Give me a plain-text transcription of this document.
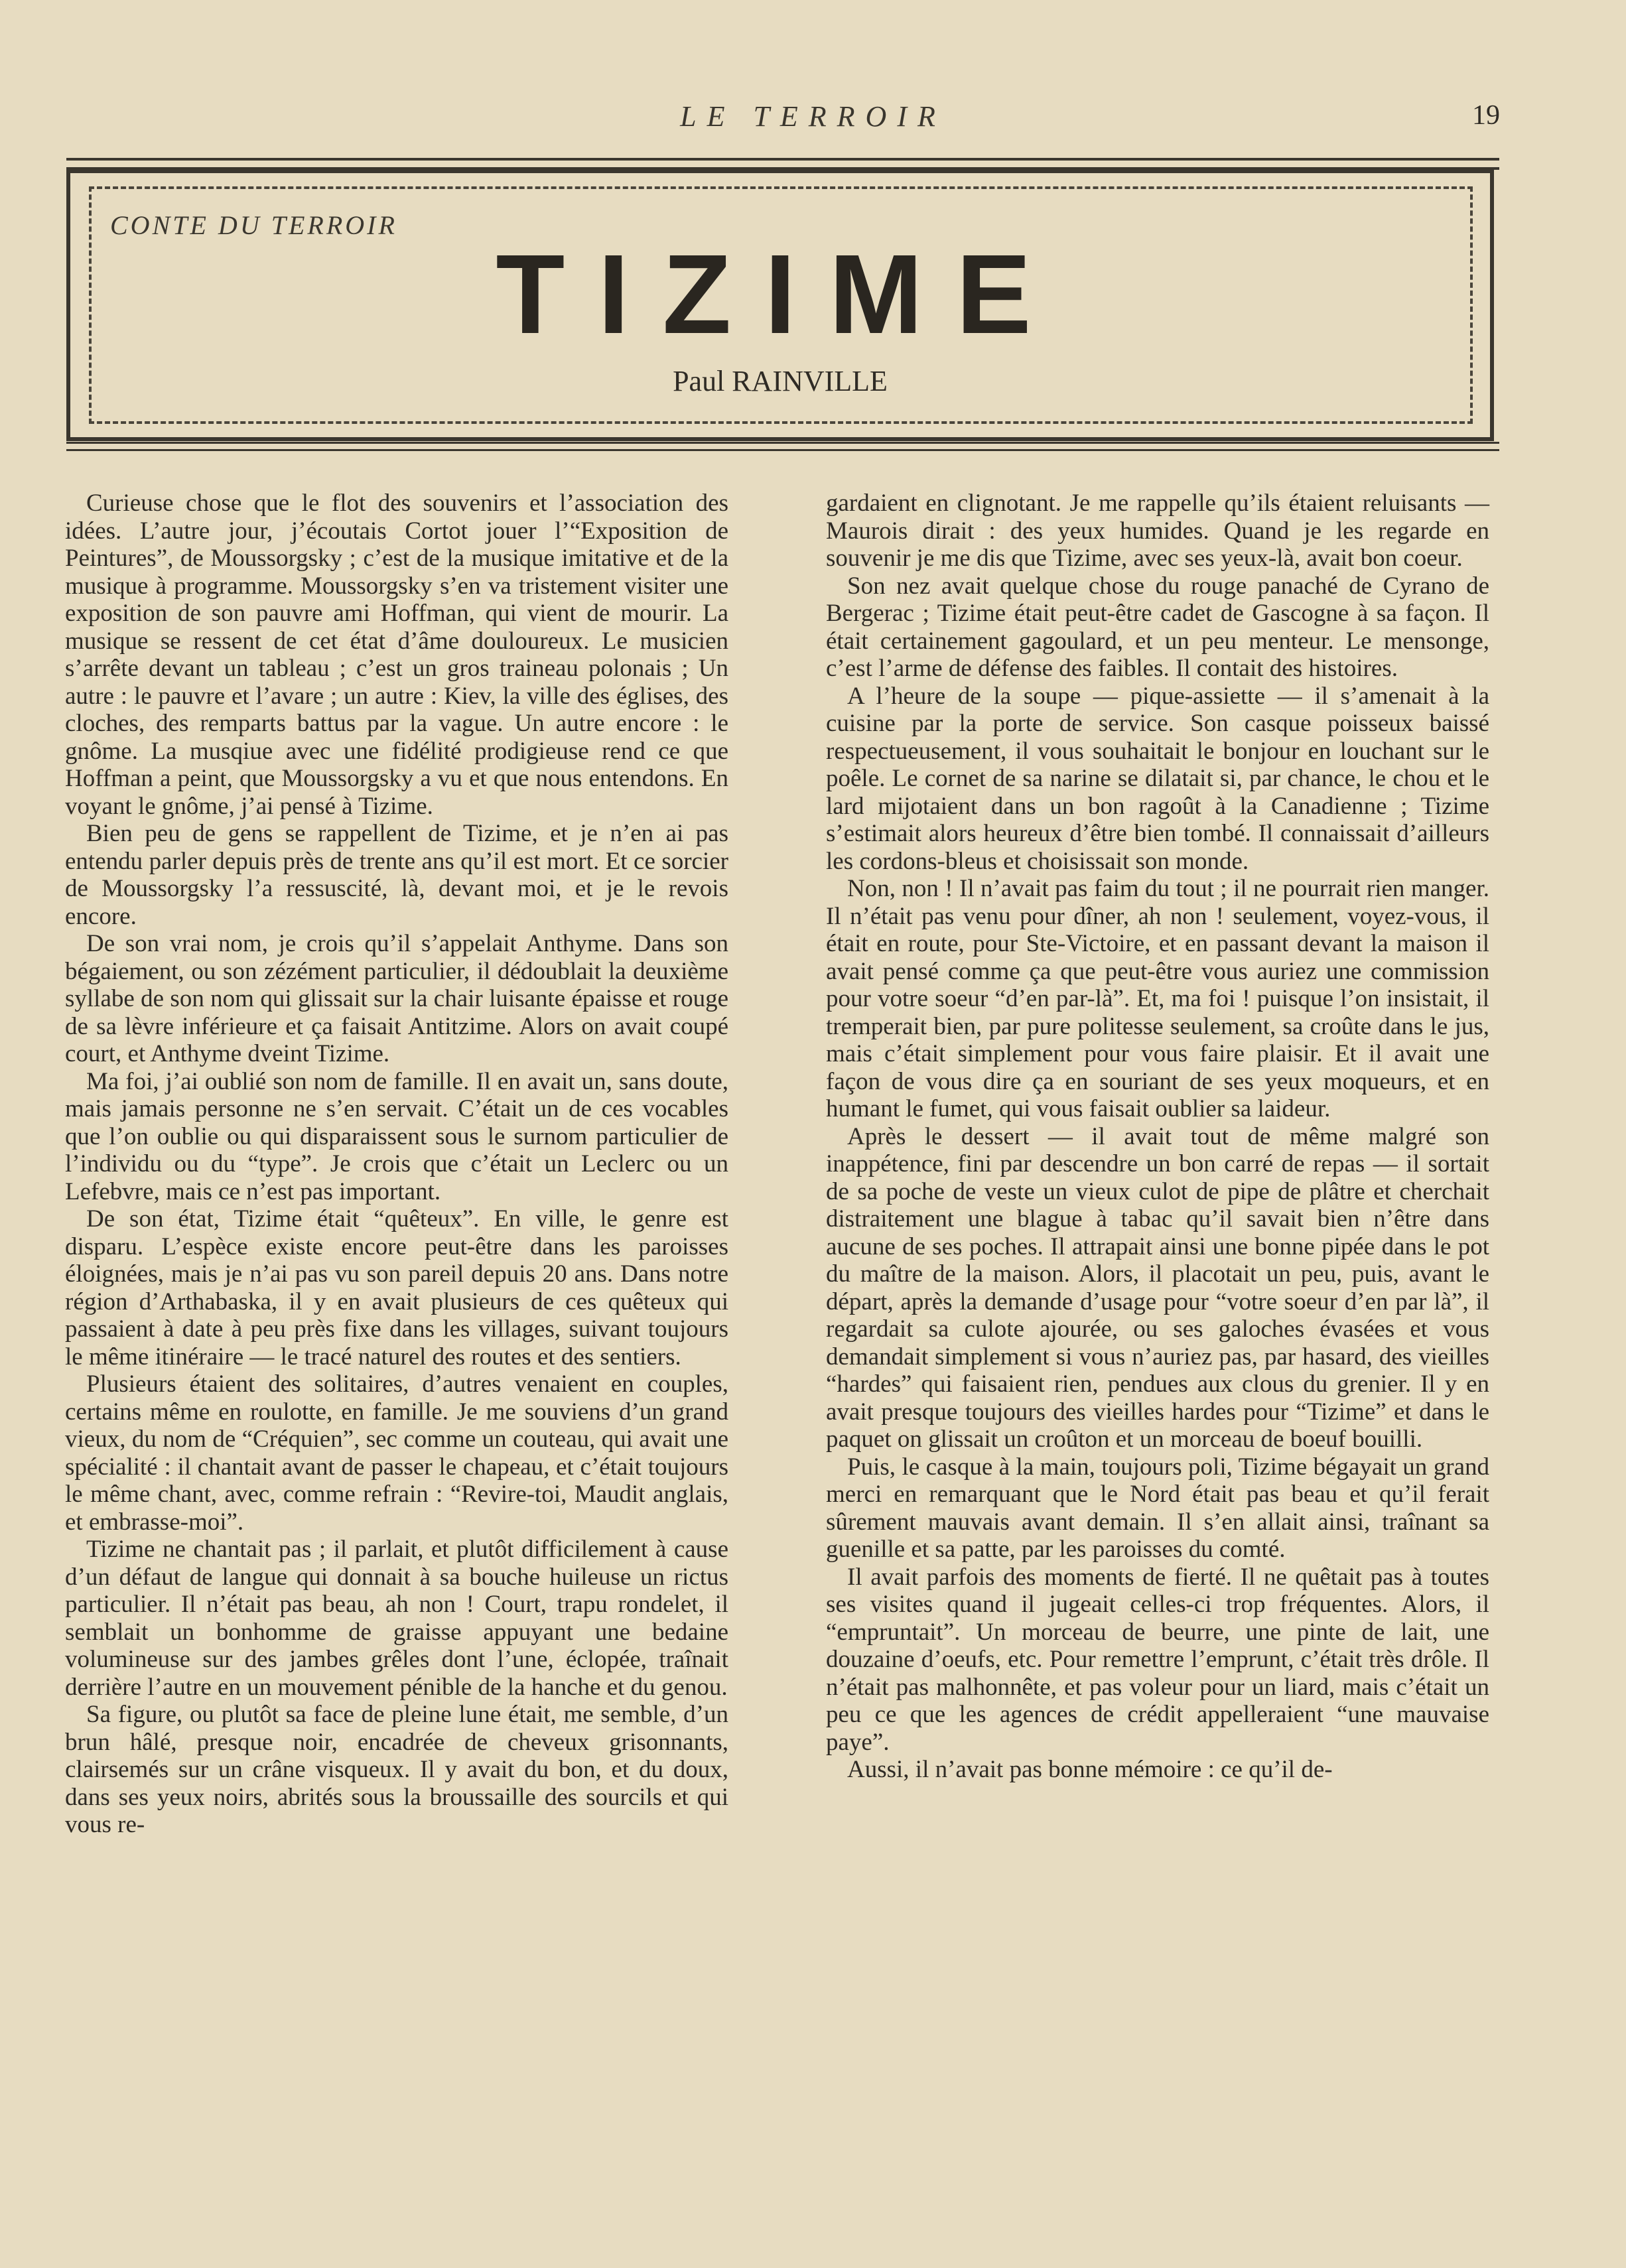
LE TERROIR	19
CONTE DU TERROIR
TIZIME
Paul RAINVILLE

Curieuse chose que le flot des souvenirs et l’association des idées. L’autre jour, j’écoutais Cortot jouer l’“Exposition de Peintures”, de Moussorgsky ; c’est de la musique imitative et de la musique à programme. Moussorgsky s’en va tristement visiter une exposition de son pauvre ami Hoffman, qui vient de mourir. La musique se ressent de cet état d’âme douloureux. Le musicien s’arrête devant un tableau ; c’est un gros traineau polonais ; Un autre : le pauvre et l’avare ; un autre : Kiev, la ville des églises, des cloches, des remparts battus par la vague. Un autre encore : le gnôme. La musqiue avec une fidélité prodigieuse rend ce que Hoffman a peint, que Moussorgsky a vu et que nous entendons. En voyant le gnôme, j’ai pensé à Tizime.

Bien peu de gens se rappellent de Tizime, et je n’en ai pas entendu parler depuis près de trente ans qu’il est mort. Et ce sorcier de Moussorgsky l’a ressuscité, là, devant moi, et je le revois encore.

De son vrai nom, je crois qu’il s’appelait Anthyme. Dans son bégaiement, ou son zézément particulier, il dédoublait la deuxième syllabe de son nom qui glissait sur la chair luisante épaisse et rouge de sa lèvre inférieure et ça faisait Antitzime. Alors on avait coupé court, et Anthyme dveint Tizime.

Ma foi, j’ai oublié son nom de famille. Il en avait un, sans doute, mais jamais personne ne s’en servait. C’était un de ces vocables que l’on oublie ou qui disparaissent sous le surnom particulier de l’individu ou du “type”. Je crois que c’était un Leclerc ou un Lefebvre, mais ce n’est pas important.

De son état, Tizime était “quêteux”. En ville, le genre est disparu. L’espèce existe encore peut-être dans les paroisses éloignées, mais je n’ai pas vu son pareil depuis 20 ans. Dans notre région d’Arthabaska, il y en avait plusieurs de ces quêteux qui passaient à date à peu près fixe dans les villages, suivant toujours le même itinéraire — le tracé naturel des routes et des sentiers.

Plusieurs étaient des solitaires, d’autres venaient en couples, certains même en roulotte, en famille. Je me souviens d’un grand vieux, du nom de “Créquien”, sec comme un couteau, qui avait une spécialité : il chantait avant de passer le chapeau, et c’était toujours le même chant, avec, comme refrain : “Revire-toi, Maudit anglais, et embrasse-moi”.

Tizime ne chantait pas ; il parlait, et plutôt difficilement à cause d’un défaut de langue qui donnait à sa bouche huileuse un rictus particulier. Il n’était pas beau, ah non ! Court, trapu rondelet, il semblait un bonhomme de graisse appuyant une bedaine volumineuse sur des jambes grêles dont l’une, éclopée, traînait derrière l’autre en un mouvement pénible de la hanche et du genou.

Sa figure, ou plutôt sa face de pleine lune était, me semble, d’un brun hâlé, presque noir, encadrée de cheveux grisonnants, clairsemés sur un crâne visqueux. Il y avait du bon, et du doux, dans ses yeux noirs, abrités sous la broussaille des sourcils et qui vous re-

gardaient en clignotant. Je me rappelle qu’ils étaient reluisants — Maurois dirait : des yeux humides. Quand je les regarde en souvenir je me dis que Tizime, avec ses yeux-là, avait bon coeur.

Son nez avait quelque chose du rouge panaché de Cyrano de Bergerac ; Tizime était peut-être cadet de Gascogne à sa façon. Il était certainement gagoulard, et un peu menteur. Le mensonge, c’est l’arme de défense des faibles. Il contait des histoires.

A l’heure de la soupe — pique-assiette — il s’amenait à la cuisine par la porte de service. Son casque poisseux baissé respectueusement, il vous souhaitait le bonjour en louchant sur le poêle. Le cornet de sa narine se dilatait si, par chance, le chou et le lard mijotaient dans un bon ragoût à la Canadienne ; Tizime s’estimait alors heureux d’être bien tombé. Il connaissait d’ailleurs les cordons-bleus et choisissait son monde.

Non, non ! Il n’avait pas faim du tout ; il ne pourrait rien manger. Il n’était pas venu pour dîner, ah non ! seulement, voyez-vous, il était en route, pour Ste-Victoire, et en passant devant la maison il avait pensé comme ça que peut-être vous auriez une commission pour votre soeur “d’en par-là”. Et, ma foi ! puisque l’on insistait, il tremperait bien, par pure politesse seulement, sa croûte dans le jus, mais c’était simplement pour vous faire plaisir. Et il avait une façon de vous dire ça en souriant de ses yeux moqueurs, et en humant le fumet, qui vous faisait oublier sa laideur.

Après le dessert — il avait tout de même malgré son inappétence, fini par descendre un bon carré de repas — il sortait de sa poche de veste un vieux culot de pipe de plâtre et cherchait distraitement une blague à tabac qu’il savait bien n’être dans aucune de ses poches. Il attrapait ainsi une bonne pipée dans le pot du maître de la maison. Alors, il placotait un peu, puis, avant le départ, après la demande d’usage pour “votre soeur d’en par là”, il regardait sa culote ajourée, ou ses galoches évasées et vous demandait simplement si vous n’auriez pas, par hasard, des vieilles “hardes” qui faisaient rien, pendues aux clous du grenier. Il y en avait presque toujours des vieilles hardes pour “Tizime” et dans le paquet on glissait un croûton et un morceau de boeuf bouilli.

Puis, le casque à la main, toujours poli, Tizime bégayait un grand merci en remarquant que le Nord était pas beau et qu’il ferait sûrement mauvais avant demain. Il s’en allait ainsi, traînant sa guenille et sa patte, par les paroisses du comté.

Il avait parfois des moments de fierté. Il ne quêtait pas à toutes ses visites quand il jugeait celles-ci trop fréquentes. Alors, il “empruntait”. Un morceau de beurre, une pinte de lait, une douzaine d’oeufs, etc. Pour remettre l’emprunt, c’était très drôle. Il n’était pas malhonnête, et pas voleur pour un liard, mais c’était un peu ce que les agences de crédit appelleraient “une mauvaise paye”.

Aussi, il n’avait pas bonne mémoire : ce qu’il de-
